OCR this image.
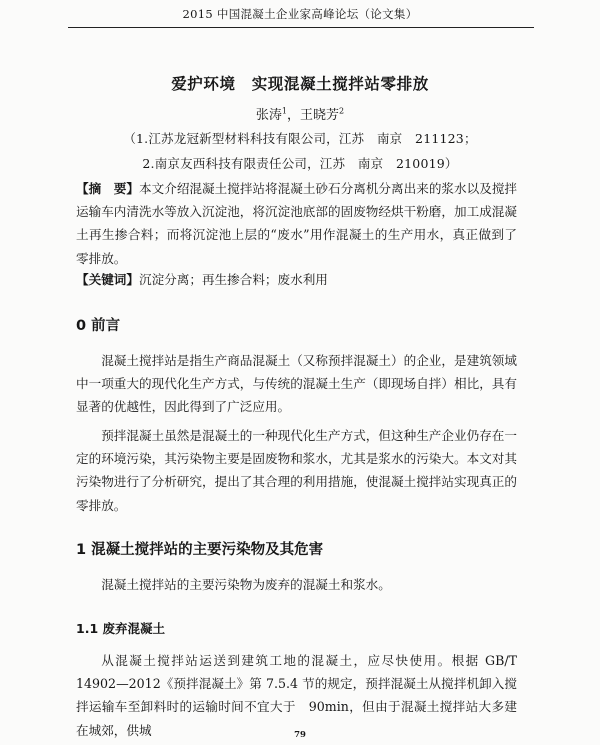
2015 中国混凝土企业家高峰论坛（论文集）
爱护环境　实现混凝土搅拌站零排放
张涛$^1$，王晓芳$^2$
（1.江苏龙冠新型材料科技有限公司，江苏　南京　211123；
2.南京友西科技有限责任公司，江苏　南京　210019）
【摘　要】本文介绍混凝土搅拌站将混凝土砂石分离机分离出来的浆水以及搅拌运输车内清洗水等放入沉淀池，将沉淀池底部的固废物经烘干粉磨，加工成混凝土再生掺合料；而将沉淀池上层的“废水”用作混凝土的生产用水，真正做到了零排放。
【关键词】沉淀分离；再生掺合料；废水利用
0 前言
混凝土搅拌站是指生产商品混凝土（又称预拌混凝土）的企业，是建筑领域中一项重大的现代化生产方式，与传统的混凝土生产（即现场自拌）相比，具有显著的优越性，因此得到了广泛应用。
预拌混凝土虽然是混凝土的一种现代化生产方式，但这种生产企业仍存在一定的环境污染，其污染物主要是固废物和浆水，尤其是浆水的污染大。本文对其污染物进行了分析研究，提出了其合理的利用措施，使混凝土搅拌站实现真正的零排放。
1 混凝土搅拌站的主要污染物及其危害
混凝土搅拌站的主要污染物为废弃的混凝土和浆水。
1.1 废弃混凝土
从混凝土搅拌站运送到建筑工地的混凝土，应尽快使用。根据 GB/T 14902—2012《预拌混凝土》第 7.5.4 节的规定，预拌混凝土从搅拌机卸入搅拌运输车至卸料时的运输时间不宜大于　90min，但由于混凝土搅拌站大多建在城郊，供城	79
